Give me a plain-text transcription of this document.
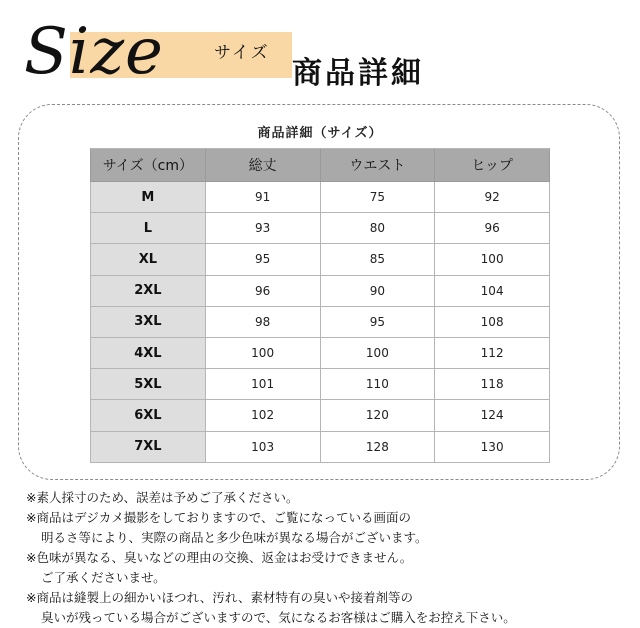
Size	サイズ
商品詳細
商品詳細（サイズ）			
サイズ（cm）	総丈	ウエスト	ヒップ
M	91	75	92
L	93	80	96
XL	95	85	100
2XL	96	90	104
3XL	98	95	108
4XL	100	100	112
5XL	101	110	118
6XL	102	120	124
7XL	103	128	130
※素人採寸のため、誤差は予めご了承ください。
※商品はデジカメ撮影をしておりますので、ご覧になっている画面の
明るさ等により、実際の商品と多少色味が異なる場合がございます。
※色味が異なる、臭いなどの理由の交換、返金はお受けできません。
ご了承くださいませ。
※商品は縫製上の細かいほつれ、汚れ、素材特有の臭いや接着剤等の
臭いが残っている場合がございますので、気になるお客様はご購入をお控え下さい。
